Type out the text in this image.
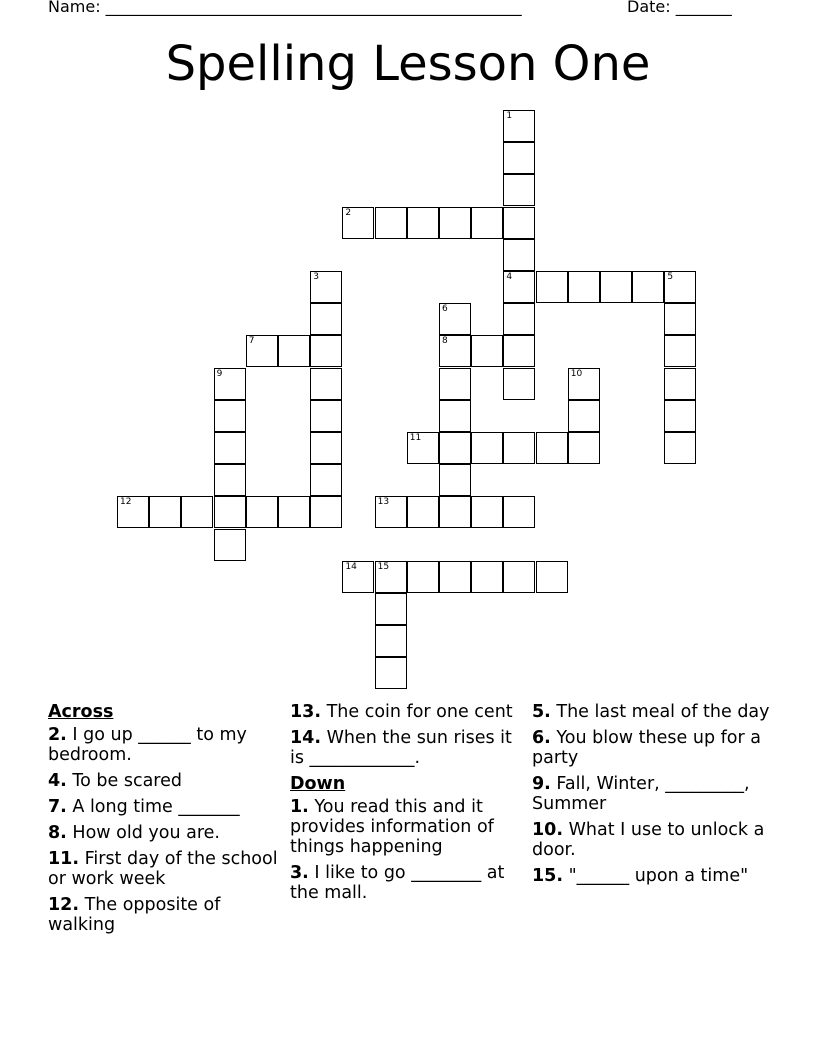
Name: ____________________________________________________	Date: _______
Spelling Lesson One
1
4
2
3	5
6
8
7
9	10
11
12	13
14 15
Across
2. I go up ______ to my bedroom.
4. To be scared
7. A long time _______
8. How old you are.
11. First day of the school or work week
12. The opposite of walking
13. The coin for one cent
14. When the sun rises it is ____________.
Down
1. You read this and it provides information of things happening
3. I like to go ________ at the mall.
5. The last meal of the day
6. You blow these up for a party
9. Fall, Winter, _________, Summer
10. What I use to unlock a door.
15. "______ upon a time"
